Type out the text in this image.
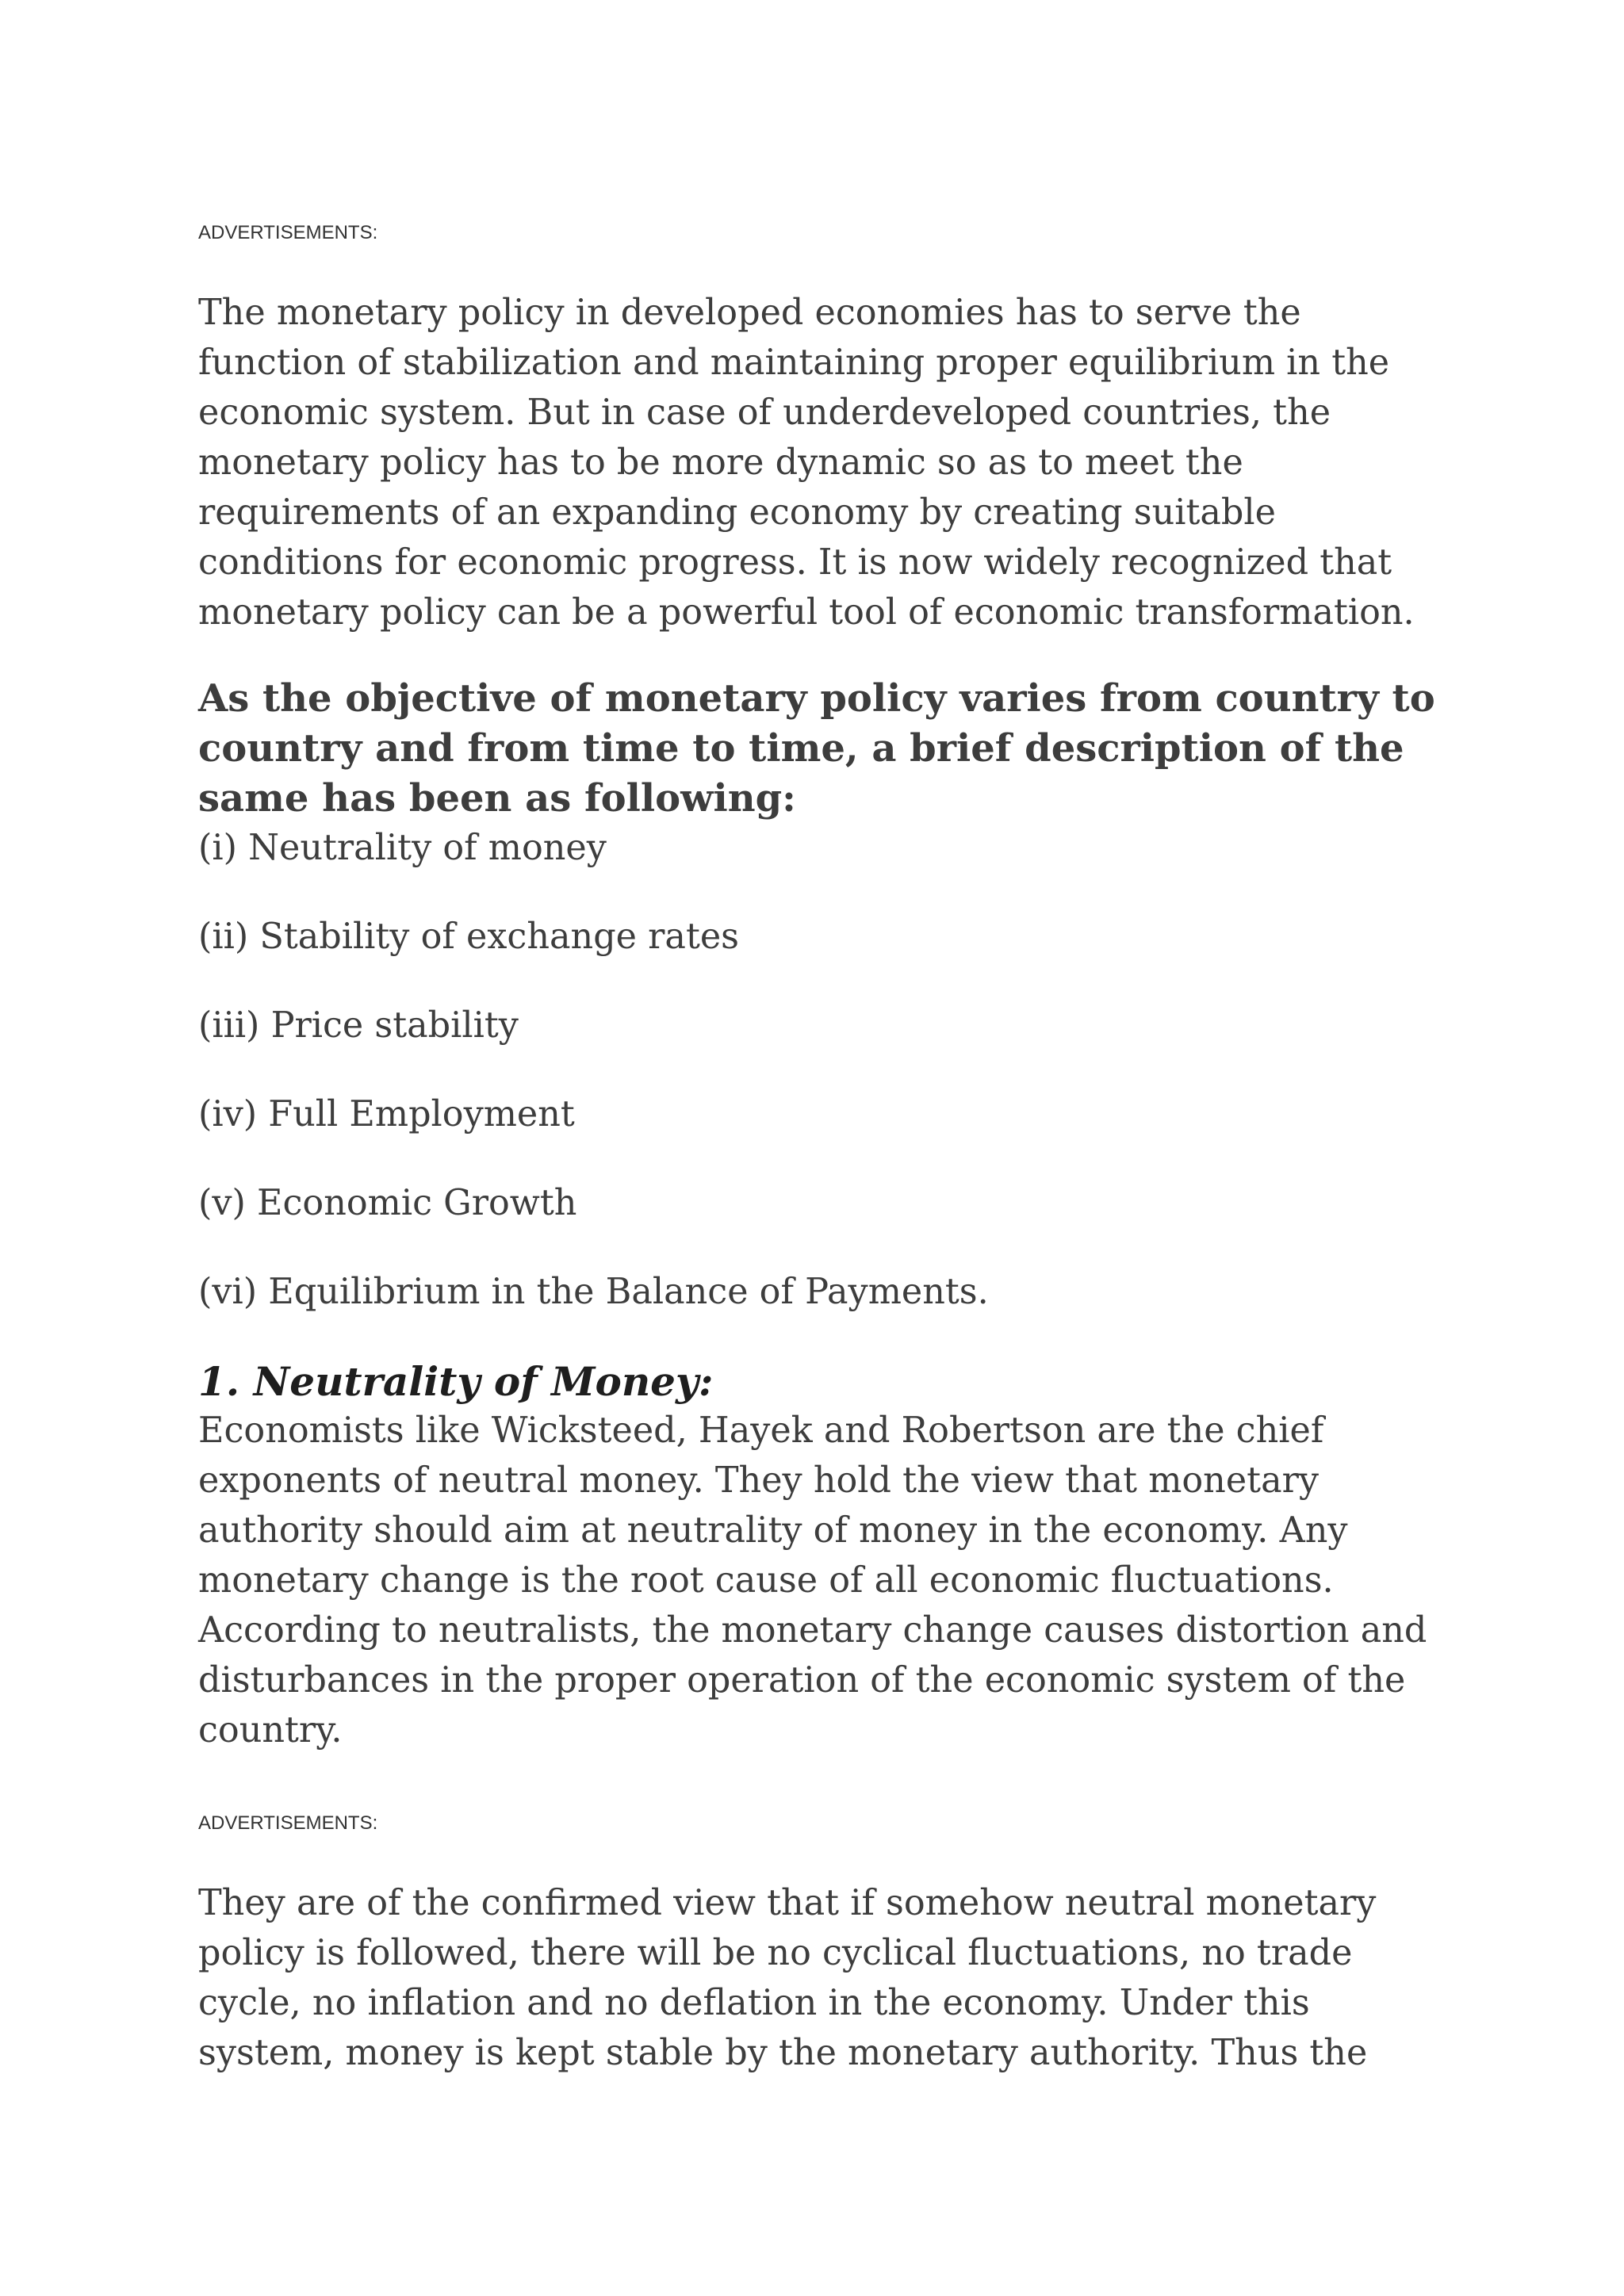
ADVERTISEMENTS:

The monetary policy in developed economies has to serve the
function of stabilization and maintaining proper equilibrium in the
economic system. But in case of underdeveloped countries, the
monetary policy has to be more dynamic so as to meet the
requirements of an expanding economy by creating suitable
conditions for economic progress. It is now widely recognized that
monetary policy can be a powerful tool of economic transformation.

As the objective of monetary policy varies from country to
country and from time to time, a brief description of the
same has been as following:
(i) Neutrality of money
(ii) Stability of exchange rates
(iii) Price stability
(iv) Full Employment
(v) Economic Growth
(vi) Equilibrium in the Balance of Payments.
1. Neutrality of Money:

Economists like Wicksteed, Hayek and Robertson are the chief
exponents of neutral money. They hold the view that monetary
authority should aim at neutrality of money in the economy. Any
monetary change is the root cause of all economic fluctuations.
According to neutralists, the monetary change causes distortion and
disturbances in the proper operation of the economic system of the
country.

ADVERTISEMENTS:

They are of the confirmed view that if somehow neutral monetary
policy is followed, there will be no cyclical fluctuations, no trade
cycle, no inflation and no deflation in the economy. Under this
system, money is kept stable by the monetary authority. Thus the
